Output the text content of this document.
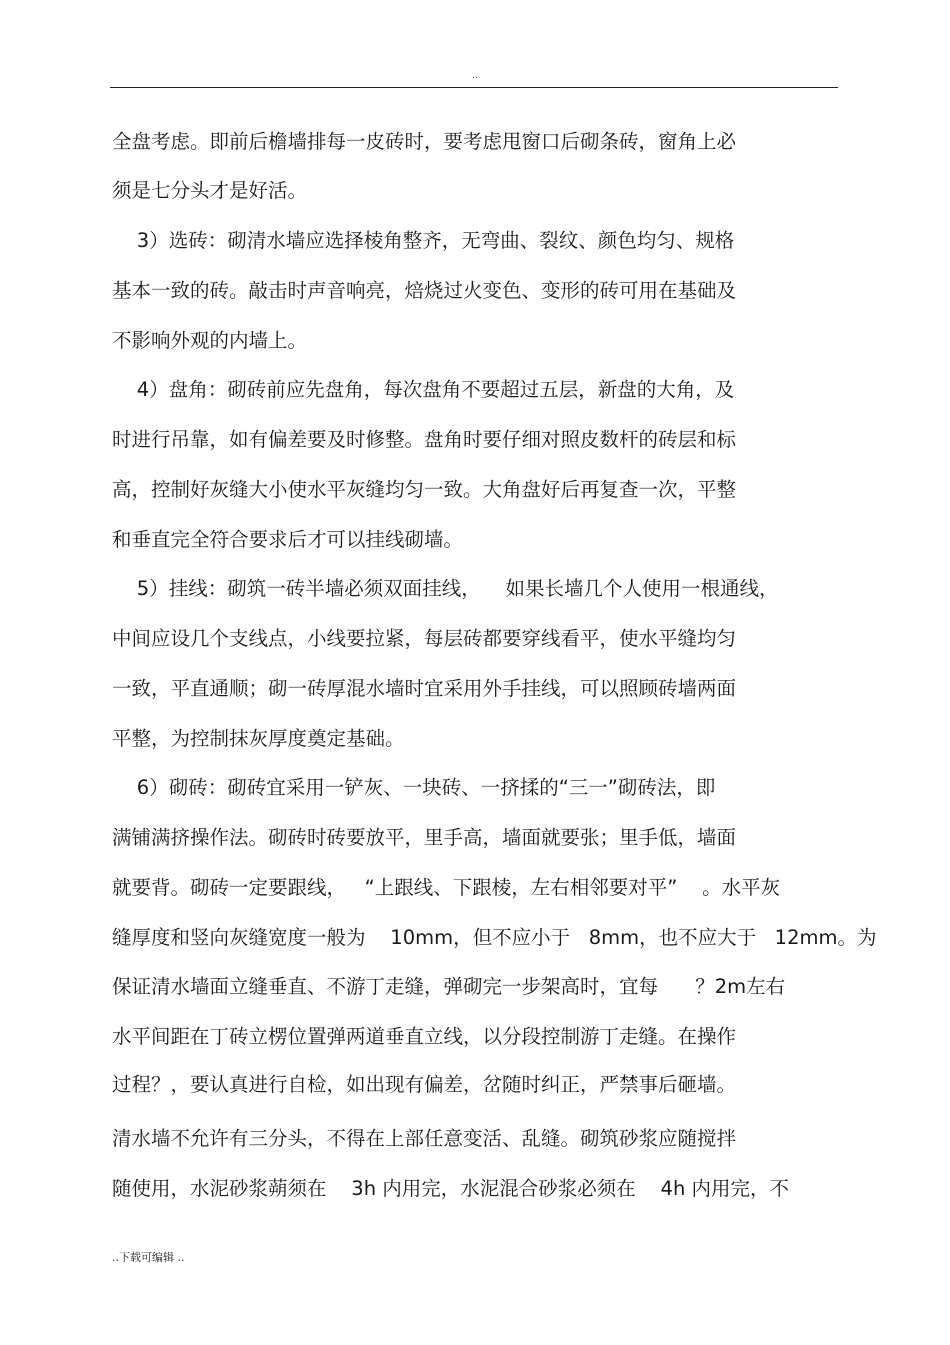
..
全盘考虑。即前后檐墙排每一皮砖时，要考虑甩窗口后砌条砖，窗角上必
须是七分头才是好活。
3）选砖：砌清水墙应选择棱角整齐，无弯曲、裂纹、颜色均匀、规格
基本一致的砖。敲击时声音响亮，焙烧过火变色、变形的砖可用在基础及
不影响外观的内墙上。
4）盘角：砌砖前应先盘角，每次盘角不要超过五层，新盘的大角，及
时进行吊靠，如有偏差要及时修整。盘角时要仔细对照皮数杆的砖层和标
高，控制好灰缝大小使水平灰缝均匀一致。大角盘好后再复查一次，平整
和垂直完全符合要求后才可以挂线砌墙。
5）挂线：砌筑一砖半墙必须双面挂线，    如果长墙几个人使用一根通线，
中间应设几个支线点，小线要拉紧，每层砖都要穿线看平，使水平缝均匀
一致，平直通顺；砌一砖厚混水墙时宜采用外手挂线，可以照顾砖墙两面
平整，为控制抹灰厚度奠定基础。
6）砌砖：砌砖宜采用一铲灰、一块砖、一挤揉的“三一”砌砖法，即
满铺满挤操作法。砌砖时砖要放平，里手高，墙面就要张；里手低，墙面
就要背。砌砖一定要跟线，   “上跟线、下跟棱，左右相邻要对平”    。水平灰
缝厚度和竖向灰缝宽度一般为    10mm，但不应小于   8mm，也不应大于   12mm。为
保证清水墙面立缝垂直、不游丁走缝，弹砌完一步架高时，宜每      ？2m左右
水平间距在丁砖立楞位置弹两道垂直立线，以分段控制游丁走缝。在操作
过程？，要认真进行自检，如出现有偏差，岔随时纠正，严禁事后砸墙。
清水墙不允许有三分头，不得在上部任意变活、乱缝。砌筑砂浆应随搅拌
随使用，水泥砂浆蒴须在    3h 内用完，水泥混合砂浆必须在    4h 内用完，不
..下载可编辑 ..
